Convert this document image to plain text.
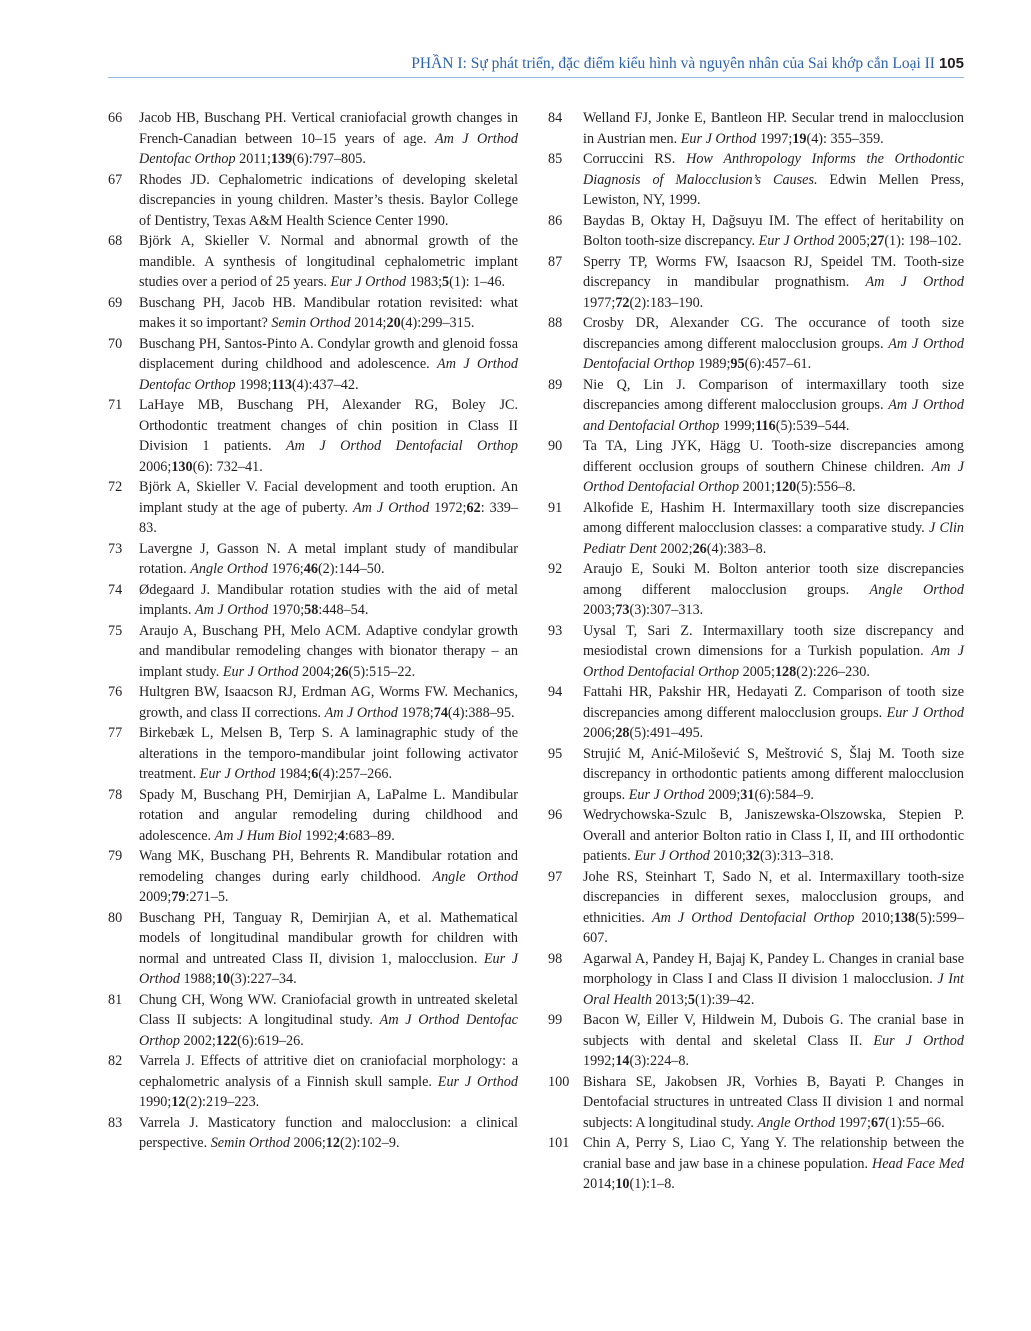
PHẦN I: Sự phát triển, đặc điểm kiểu hình và nguyên nhân của Sai khớp cắn Loại II 105
66	Jacob HB, Buschang PH. Vertical craniofacial growth changes in French-Canadian between 10–15 years of age. Am J Orthod Dentofac Orthop 2011;139(6):797–805.
67	Rhodes JD. Cephalometric indications of developing skeletal discrepancies in young children. Master’s thesis. Baylor College of Dentistry, Texas A&M Health Science Center 1990.
68	Björk A, Skieller V. Normal and abnormal growth of the mandible. A synthesis of longitudinal cephalometric implant studies over a period of 25 years. Eur J Orthod 1983;5(1): 1–46.
69	Buschang PH, Jacob HB. Mandibular rotation revisited: what makes it so important? Semin Orthod 2014;20(4):299–315.
70	Buschang PH, Santos-Pinto A. Condylar growth and glenoid fossa displacement during childhood and adolescence. Am J Orthod Dentofac Orthop 1998;113(4):437–42.
71	LaHaye MB, Buschang PH, Alexander RG, Boley JC. Orthodontic treatment changes of chin position in Class II Division 1 patients. Am J Orthod Dentofacial Orthop 2006;130(6): 732–41.
72	Björk A, Skieller V. Facial development and tooth eruption. An implant study at the age of puberty. Am J Orthod 1972;62: 339–83.
73	Lavergne J, Gasson N. A metal implant study of mandibular rotation. Angle Orthod 1976;46(2):144–50.
74	Ødegaard J. Mandibular rotation studies with the aid of metal implants. Am J Orthod 1970;58:448–54.
75	Araujo A, Buschang PH, Melo ACM. Adaptive condylar growth and mandibular remodeling changes with bionator therapy – an implant study. Eur J Orthod 2004;26(5):515–22.
76	Hultgren BW, Isaacson RJ, Erdman AG, Worms FW. Mechanics, growth, and class II corrections. Am J Orthod 1978;74(4):388–95.
77	Birkebæk L, Melsen B, Terp S. A laminagraphic study of the alterations in the temporo-mandibular joint following activator treatment. Eur J Orthod 1984;6(4):257–266.
78	Spady M, Buschang PH, Demirjian A, LaPalme L. Mandibular rotation and angular remodeling during childhood and adolescence. Am J Hum Biol 1992;4:683–89.
79	Wang MK, Buschang PH, Behrents R. Mandibular rotation and remodeling changes during early childhood. Angle Orthod 2009;79:271–5.
80	Buschang PH, Tanguay R, Demirjian A, et al. Mathematical models of longitudinal mandibular growth for children with normal and untreated Class II, division 1, malocclusion. Eur J Orthod 1988;10(3):227–34.
81	Chung CH, Wong WW. Craniofacial growth in untreated skeletal Class II subjects: A longitudinal study. Am J Orthod Dentofac Orthop 2002;122(6):619–26.
82	Varrela J. Effects of attritive diet on craniofacial morphology: a cephalometric analysis of a Finnish skull sample. Eur J Orthod 1990;12(2):219–223.
83	Varrela J. Masticatory function and malocclusion: a clinical perspective. Semin Orthod 2006;12(2):102–9.
84	Welland FJ, Jonke E, Bantleon HP. Secular trend in malocclusion in Austrian men. Eur J Orthod 1997;19(4): 355–359.
85	Corruccini RS. How Anthropology Informs the Orthodontic Diagnosis of Malocclusion’s Causes. Edwin Mellen Press, Lewiston, NY, 1999.
86	Baydas B, Oktay H, Dağsuyu IM. The effect of heritability on Bolton tooth-size discrepancy. Eur J Orthod 2005;27(1): 198–102.
87	Sperry TP, Worms FW, Isaacson RJ, Speidel TM. Tooth-size discrepancy in mandibular prognathism. Am J Orthod 1977;72(2):183–190.
88	Crosby DR, Alexander CG. The occurance of tooth size discrepancies among different malocclusion groups. Am J Orthod Dentofacial Orthop 1989;95(6):457–61.
89	Nie Q, Lin J. Comparison of intermaxillary tooth size discrepancies among different malocclusion groups. Am J Orthod and Dentofacial Orthop 1999;116(5):539–544.
90	Ta TA, Ling JYK, Hägg U. Tooth-size discrepancies among different occlusion groups of southern Chinese children. Am J Orthod Dentofacial Orthop 2001;120(5):556–8.
91	Alkofide E, Hashim H. Intermaxillary tooth size discrepancies among different malocclusion classes: a comparative study. J Clin Pediatr Dent 2002;26(4):383–8.
92	Araujo E, Souki M. Bolton anterior tooth size discrepancies among different malocclusion groups. Angle Orthod 2003;73(3):307–313.
93	Uysal T, Sari Z. Intermaxillary tooth size discrepancy and mesiodistal crown dimensions for a Turkish population. Am J Orthod Dentofacial Orthop 2005;128(2):226–230.
94	Fattahi HR, Pakshir HR, Hedayati Z. Comparison of tooth size discrepancies among different malocclusion groups. Eur J Orthod 2006;28(5):491–495.
95	Strujić M, Anić-Milošević S, Meštrović S, Šlaj M. Tooth size discrepancy in orthodontic patients among different malocclusion groups. Eur J Orthod 2009;31(6):584–9.
96	Wedrychowska-Szulc B, Janiszewska-Olszowska, Stepien P. Overall and anterior Bolton ratio in Class I, II, and III orthodontic patients. Eur J Orthod 2010;32(3):313–318.
97	Johe RS, Steinhart T, Sado N, et al. Intermaxillary tooth-size discrepancies in different sexes, malocclusion groups, and ethnicities. Am J Orthod Dentofacial Orthop 2010;138(5):599–607.
98	Agarwal A, Pandey H, Bajaj K, Pandey L. Changes in cranial base morphology in Class I and Class II division 1 malocclusion. J Int Oral Health 2013;5(1):39–42.
99	Bacon W, Eiller V, Hildwein M, Dubois G. The cranial base in subjects with dental and skeletal Class II. Eur J Orthod 1992;14(3):224–8.
100 Bishara SE, Jakobsen JR, Vorhies B, Bayati P. Changes in Dentofacial structures in untreated Class II division 1 and normal subjects: A longitudinal study. Angle Orthod 1997;67(1):55–66.
101 Chin A, Perry S, Liao C, Yang Y. The relationship between the cranial base and jaw base in a chinese population. Head Face Med 2014;10(1):1–8.
